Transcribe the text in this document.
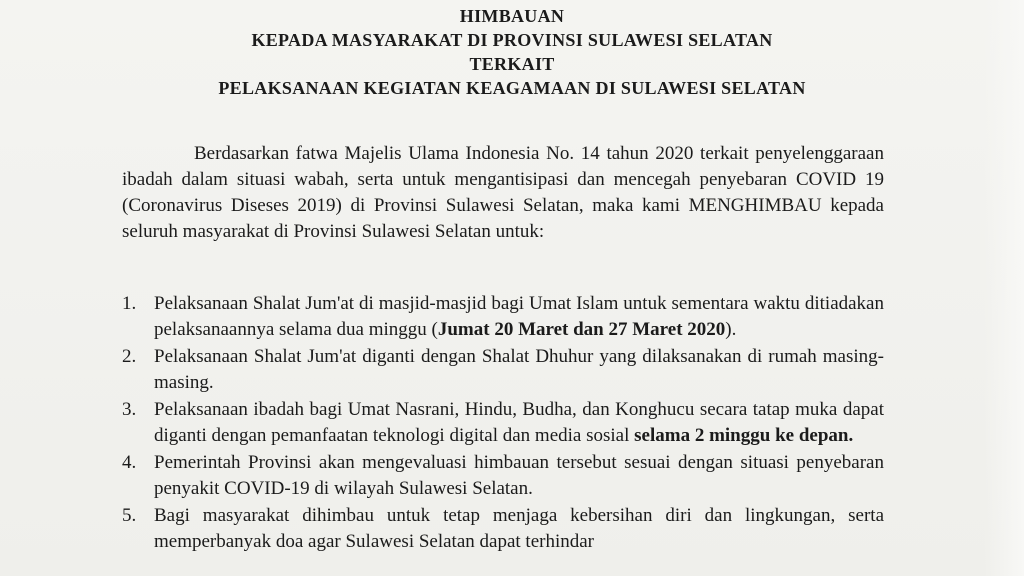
HIMBAUAN
KEPADA MASYARAKAT DI PROVINSI SULAWESI SELATAN
TERKAIT
PELAKSANAAN KEGIATAN KEAGAMAAN DI SULAWESI SELATAN

Berdasarkan fatwa Majelis Ulama Indonesia No. 14 tahun 2020 terkait penyelenggaraan ibadah dalam situasi wabah, serta untuk mengantisipasi dan mencegah penyebaran COVID 19 (Coronavirus Diseses 2019) di Provinsi Sulawesi Selatan, maka kami MENGHIMBAU kepada seluruh masyarakat di Provinsi Sulawesi Selatan untuk:

1. Pelaksanaan Shalat Jum'at di masjid-masjid bagi Umat Islam untuk sementara waktu ditiadakan pelaksanaannya selama dua minggu (Jumat 20 Maret dan 27 Maret 2020).
2. Pelaksanaan Shalat Jum'at diganti dengan Shalat Dhuhur yang dilaksanakan di rumah masing-masing.
3. Pelaksanaan ibadah bagi Umat Nasrani, Hindu, Budha, dan Konghucu secara tatap muka dapat diganti dengan pemanfaatan teknologi digital dan media sosial selama 2 minggu ke depan.
4. Pemerintah Provinsi akan mengevaluasi himbauan tersebut sesuai dengan situasi penyebaran penyakit COVID-19 di wilayah Sulawesi Selatan.
5. Bagi masyarakat dihimbau untuk tetap menjaga kebersihan diri dan lingkungan, serta memperbanyak doa agar Sulawesi Selatan dapat terhindar
